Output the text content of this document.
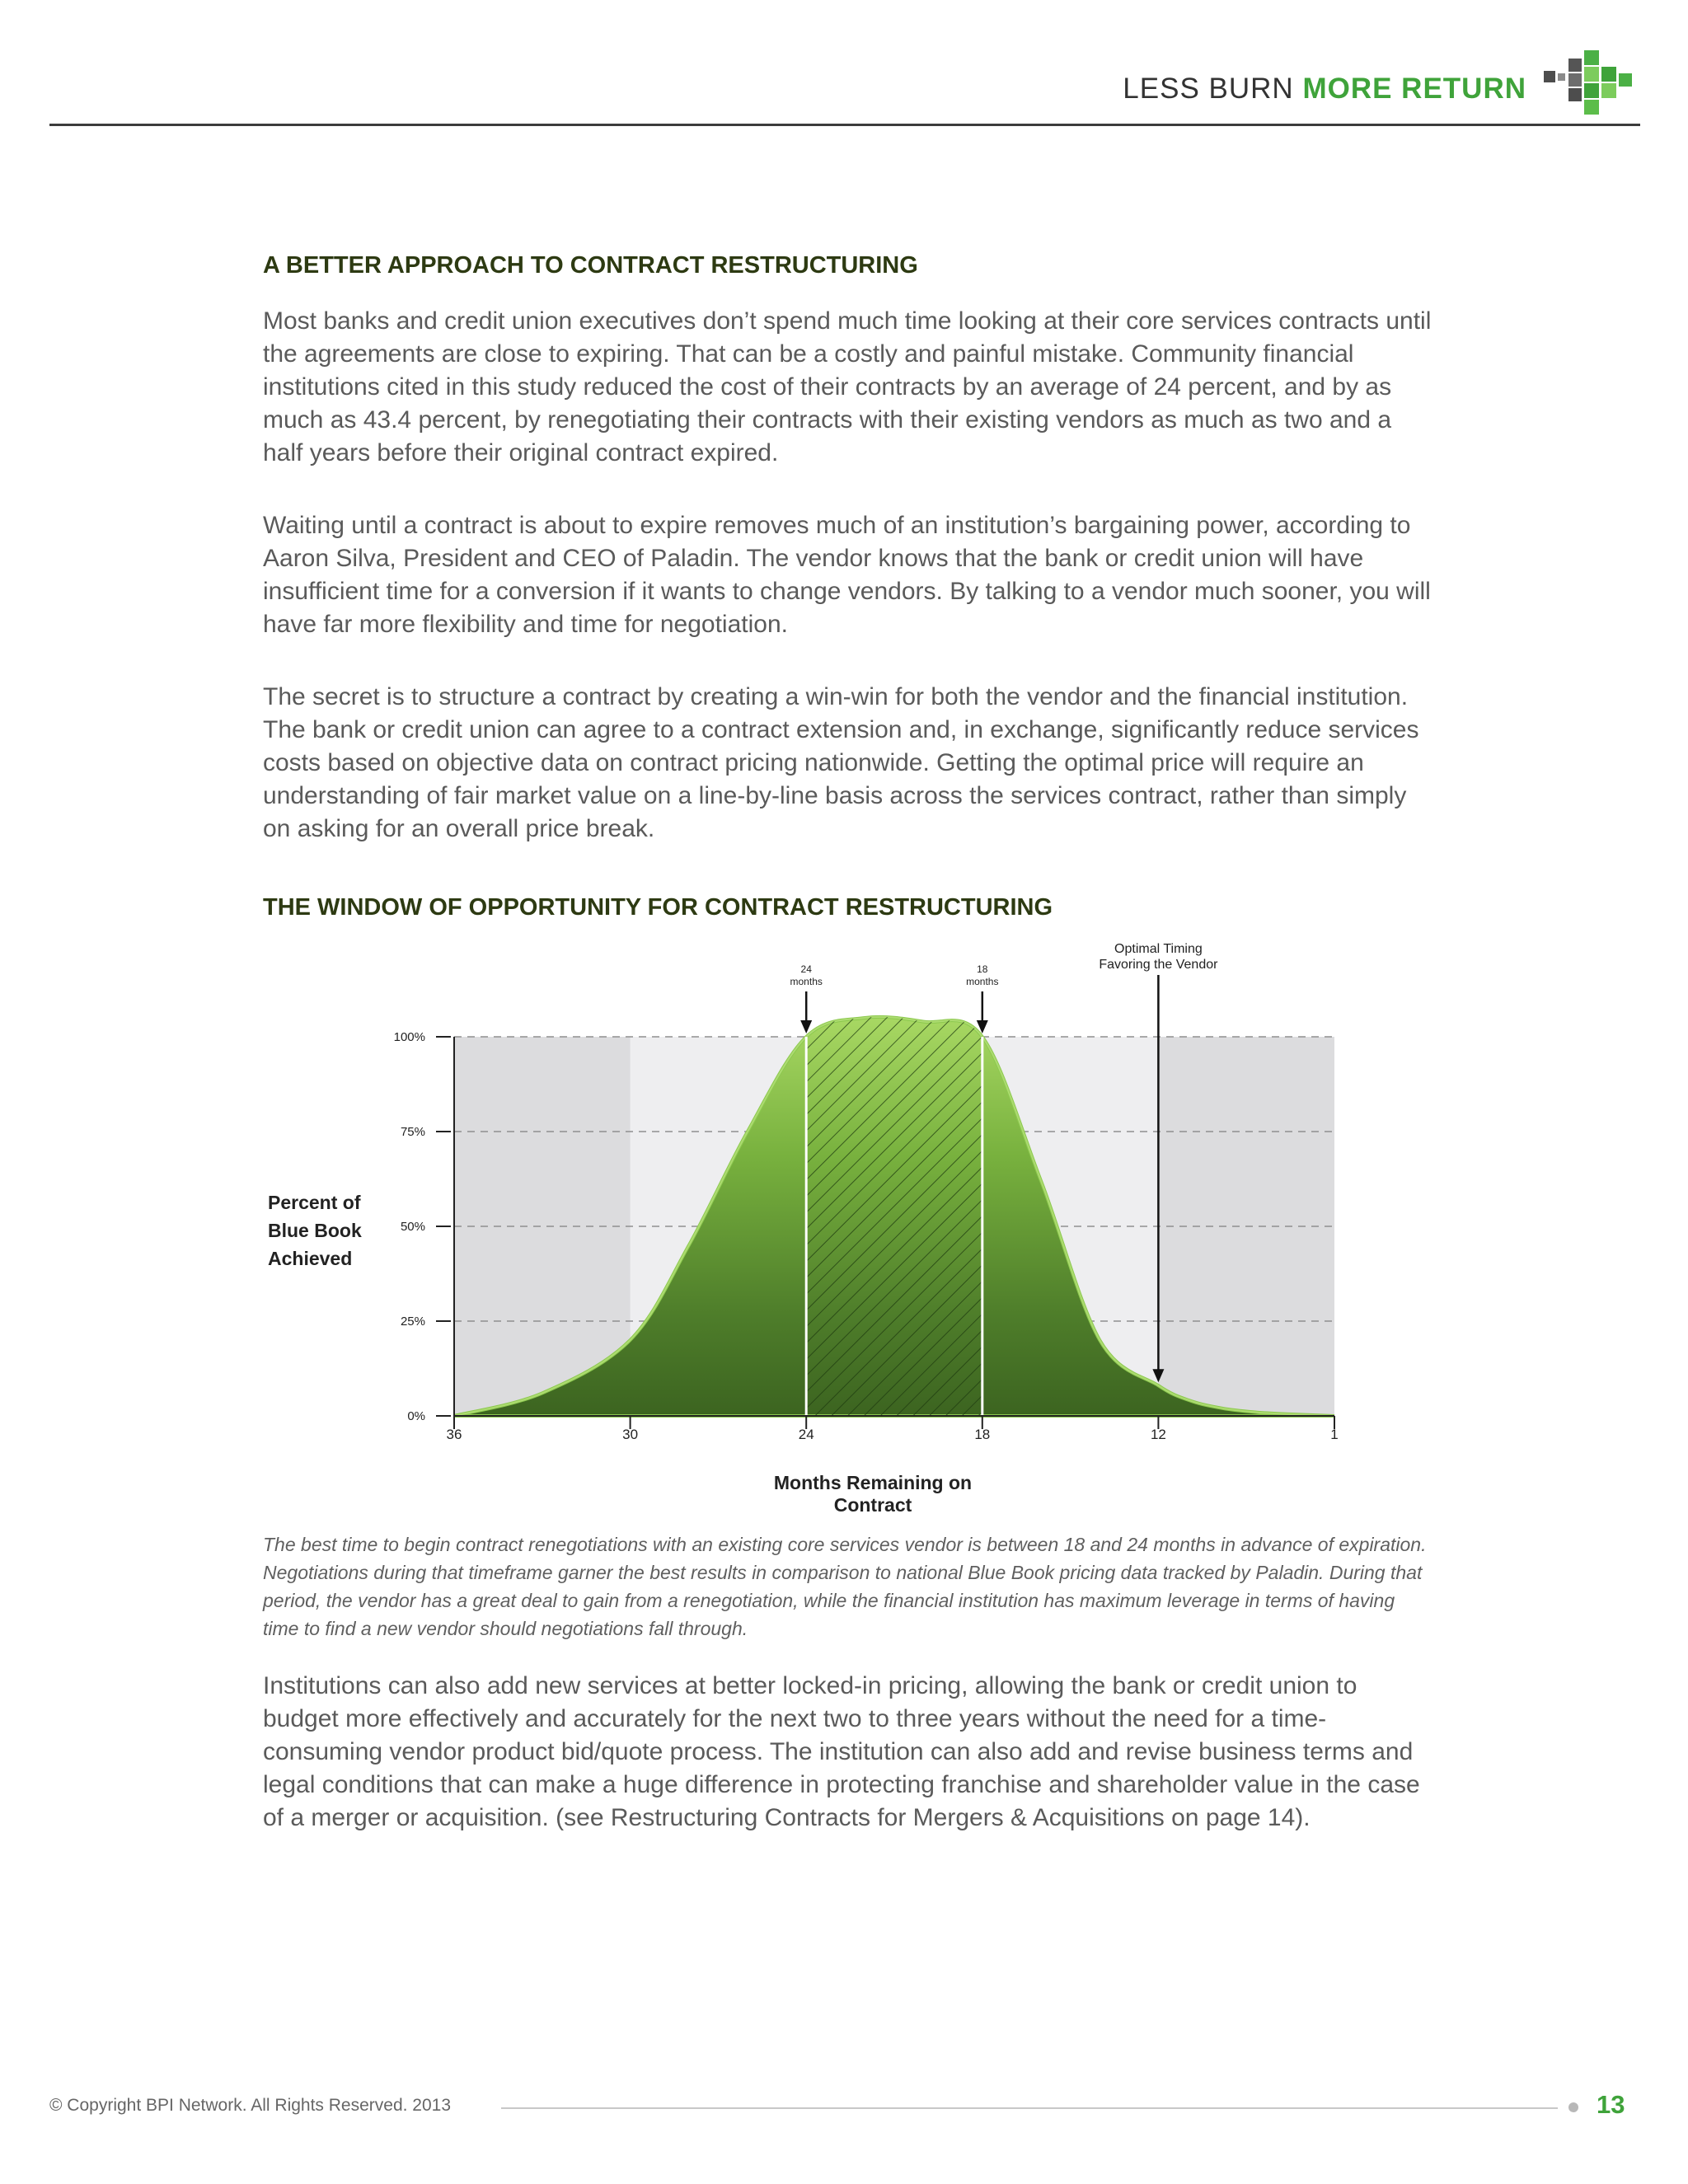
LESS BURN MORE RETURN
A BETTER APPROACH TO CONTRACT RESTRUCTURING

Most banks and credit union executives don’t spend much time looking at their core services contracts until the agreements are close to expiring. That can be a costly and painful mistake. Community financial institutions cited in this study reduced the cost of their contracts by an average of 24 percent, and by as much as 43.4 percent, by renegotiating their contracts with their existing vendors as much as two and a half years before their original contract expired.

Waiting until a contract is about to expire removes much of an institution’s bargaining power, according to Aaron Silva, President and CEO of Paladin. The vendor knows that the bank or credit union will have insufficient time for a conversion if it wants to change vendors. By talking to a vendor much sooner, you will have far more flexibility and time for negotiation.

The secret is to structure a contract by creating a win-win for both the vendor and the financial institution. The bank or credit union can agree to a contract extension and, in exchange, significantly reduce services costs based on objective data on contract pricing nationwide. Getting the optimal price will require an understanding of fair market value on a line-by-line basis across the services contract, rather than simply on asking for an overall price break.

THE WINDOW OF OPPORTUNITY FOR CONTRACT RESTRUCTURING
Percent of
Blue Book
Achieved
0%
25%
50%
75%
100%
36	30	24	18	12	1
24
months
18
months
Optimal Timing
Favoring the Vendor
Months Remaining on Contract

The best time to begin contract renegotiations with an existing core services vendor is between 18 and 24 months in advance of expiration. Negotiations during that timeframe garner the best results in comparison to national Blue Book pricing data tracked by Paladin. During that period, the vendor has a great deal to gain from a renegotiation, while the financial institution has maximum leverage in terms of having time to find a new vendor should negotiations fall through.

Institutions can also add new services at better locked-in pricing, allowing the bank or credit union to budget more effectively and accurately for the next two to three years without the need for a time-consuming vendor product bid/quote process. The institution can also add and revise business terms and legal conditions that can make a huge difference in protecting franchise and shareholder value in the case of a merger or acquisition. (see Restructuring Contracts for Mergers & Acquisitions on page 14).

© Copyright BPI Network. All Rights Reserved. 2013	13
